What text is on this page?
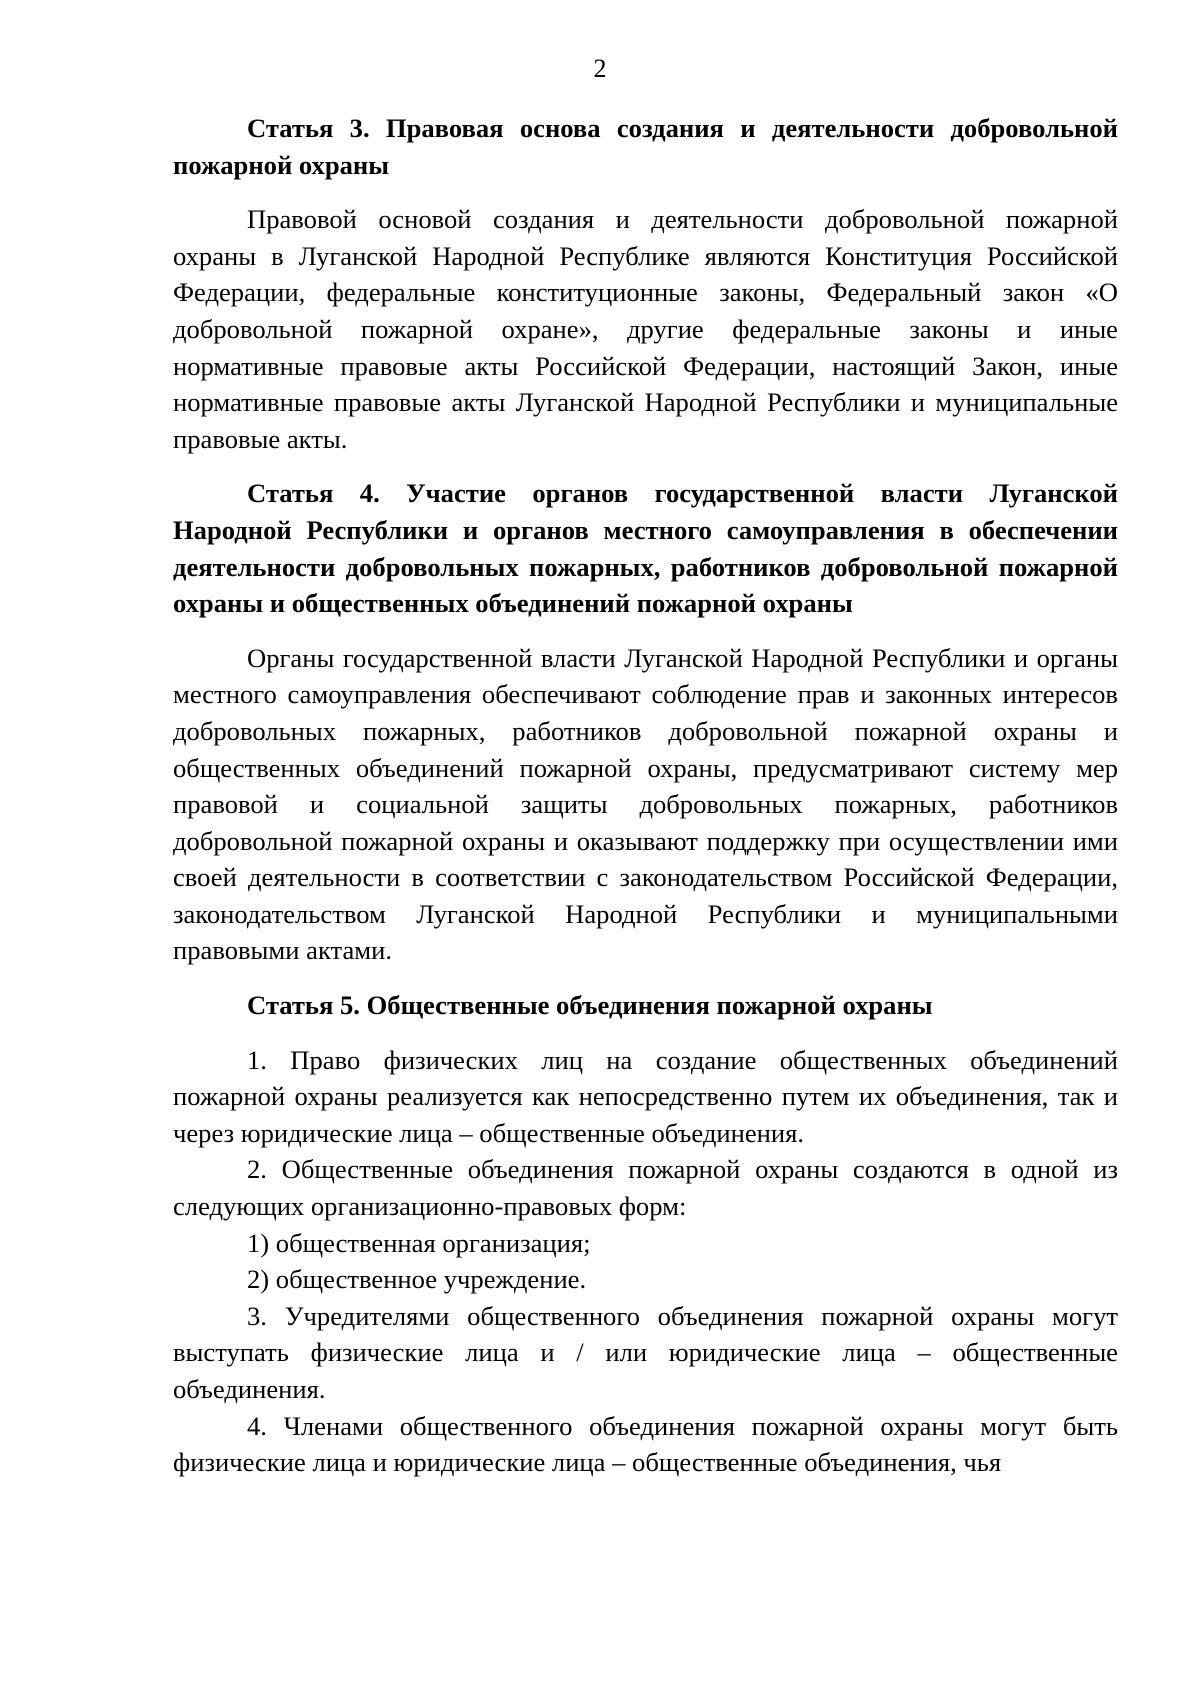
2
Статья 3. Правовая основа создания и деятельности добровольной пожарной охраны

Правовой основой создания и деятельности добровольной пожарной охраны в Луганской Народной Республике являются Конституция Российской Федерации, федеральные конституционные законы, Федеральный закон «О добровольной пожарной охране», другие федеральные законы и иные нормативные правовые акты Российской Федерации, настоящий Закон, иные нормативные правовые акты Луганской Народной Республики и муниципальные правовые акты.

Статья 4. Участие органов государственной власти Луганской Народной Республики и органов местного самоуправления в обеспечении деятельности добровольных пожарных, работников добровольной пожарной охраны и общественных объединений пожарной охраны

Органы государственной власти Луганской Народной Республики и органы местного самоуправления обеспечивают соблюдение прав и законных интересов добровольных пожарных, работников добровольной пожарной охраны и общественных объединений пожарной охраны, предусматривают систему мер правовой и социальной защиты добровольных пожарных, работников добровольной пожарной охраны и оказывают поддержку при осуществлении ими своей деятельности в соответствии с законодательством Российской Федерации, законодательством Луганской Народной Республики и муниципальными правовыми актами.

Статья 5. Общественные объединения пожарной охраны

1. Право физических лиц на создание общественных объединений пожарной охраны реализуется как непосредственно путем их объединения, так и через юридические лица – общественные объединения.

2. Общественные объединения пожарной охраны создаются в одной из следующих организационно-правовых форм:

1) общественная организация;

2) общественное учреждение.

3. Учредителями общественного объединения пожарной охраны могут выступать физические лица и / или юридические лица – общественные объединения.

4. Членами общественного объединения пожарной охраны могут быть физические лица и юридические лица – общественные объединения, чья
